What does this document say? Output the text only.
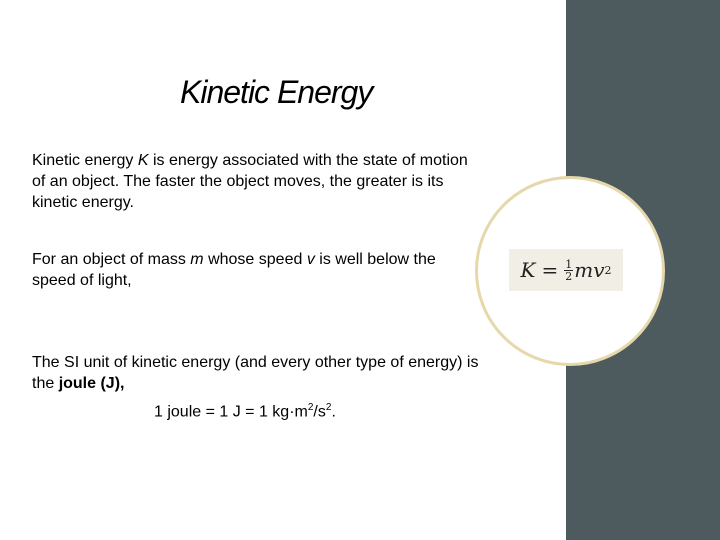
$K = \frac{1}{2}$ m v 2
Kinetic Energy
Kinetic energy K is energy associated with the state of motion of an object. The faster the object moves, the greater is its kinetic energy.
For an object of mass m whose speed v is well below the speed of light,
The SI unit of kinetic energy (and every other type of energy) is the joule (J),
1 joule = 1 J = 1 $kg\cdot m^2/s^2$.
